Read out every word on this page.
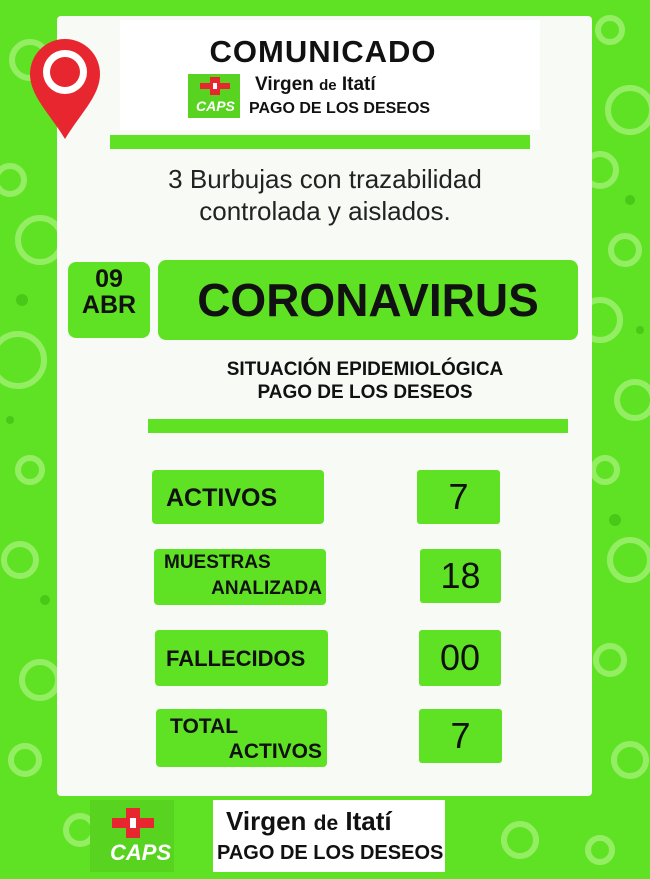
COMUNICADO
CAPS
Virgen de Itatí
PAGO DE LOS DESEOS
3 Burbujas con trazabilidad
controlada y aislados.
09
ABR	CORONAVIRUS
SITUACIÓN EPIDEMIOLÓGICA
PAGO DE LOS DESEOS
ACTIVOS	7
MUESTRAS
ANALIZADA	18
FALLECIDOS	00
TOTAL
ACTIVOS	7
CAPS
Virgen de Itatí
PAGO DE LOS DESEOS
